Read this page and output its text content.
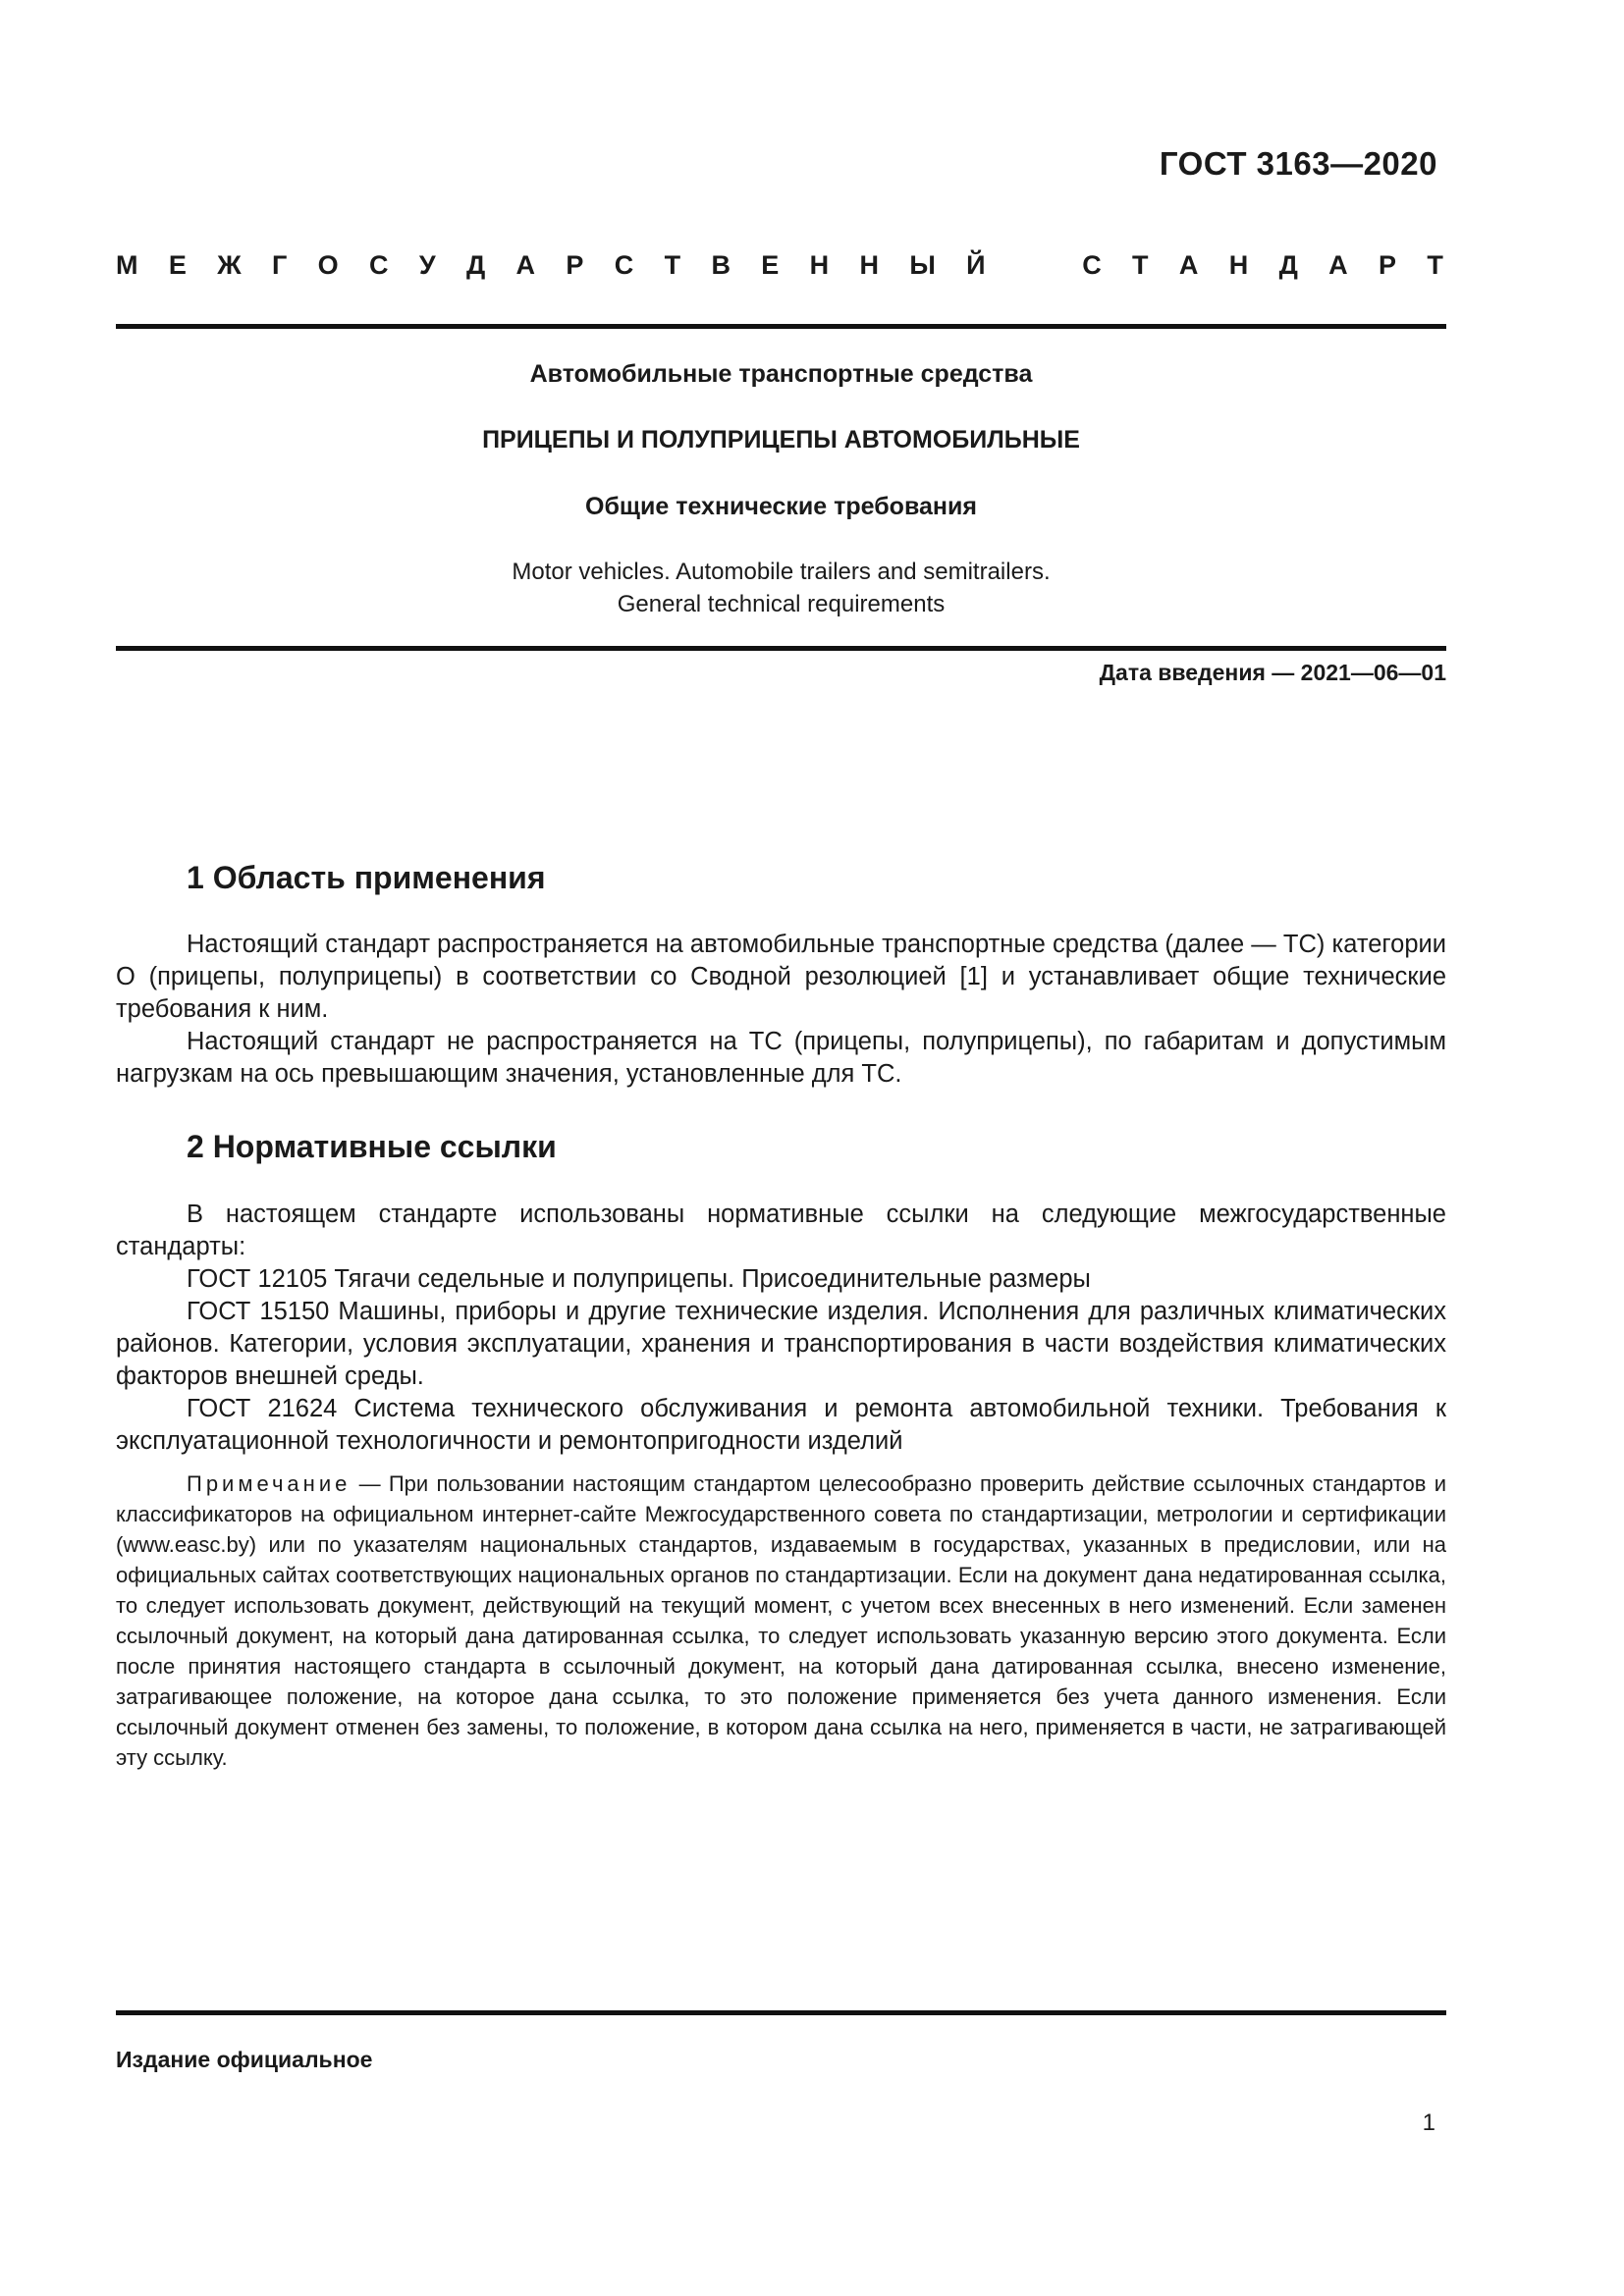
ГОСТ 3163—2020
М Е Ж Г О С У Д А Р С Т В Е Н Н Ы Й	С Т А Н Д А Р Т
Автомобильные транспортные средства
ПРИЦЕПЫ И ПОЛУПРИЦЕПЫ АВТОМОБИЛЬНЫЕ
Общие технические требования
Motor vehicles. Automobile trailers and semitrailers.
General technical requirements
Дата введения — 2021—06—01
1 Область применения

Настоящий стандарт распространяется на автомобильные транспортные средства (далее — ТС) категории О (прицепы, полуприцепы) в соответствии со Сводной резолюцией [1] и устанавливает общие технические требования к ним.

Настоящий стандарт не распространяется на ТС (прицепы, полуприцепы), по габаритам и допустимым нагрузкам на ось превышающим значения, установленные для ТС.

2 Нормативные ссылки

В настоящем стандарте использованы нормативные ссылки на следующие межгосударственные стандарты:

ГОСТ 12105 Тягачи седельные и полуприцепы. Присоединительные размеры

ГОСТ 15150 Машины, приборы и другие технические изделия. Исполнения для различных климатических районов. Категории, условия эксплуатации, хранения и транспортирования в части воздействия климатических факторов внешней среды.

ГОСТ 21624 Система технического обслуживания и ремонта автомобильной техники. Требования к эксплуатационной технологичности и ремонтопригодности изделий

Примечание — При пользовании настоящим стандартом целесообразно проверить действие ссылочных стандартов и классификаторов на официальном интернет-сайте Межгосударственного совета по стандартизации, метрологии и сертификации (www.easc.by) или по указателям национальных стандартов, издаваемым в государствах, указанных в предисловии, или на официальных сайтах соответствующих национальных органов по стандартизации. Если на документ дана недатированная ссылка, то следует использовать документ, действующий на текущий момент, с учетом всех внесенных в него изменений. Если заменен ссылочный документ, на который дана датированная ссылка, то следует использовать указанную версию этого документа. Если после принятия настоящего стандарта в ссылочный документ, на который дана датированная ссылка, внесено изменение, затрагивающее положение, на которое дана ссылка, то это положение применяется без учета данного изменения. Если ссылочный документ отменен без замены, то положение, в котором дана ссылка на него, применяется в части, не затрагивающей эту ссылку.

Издание официальное
1
